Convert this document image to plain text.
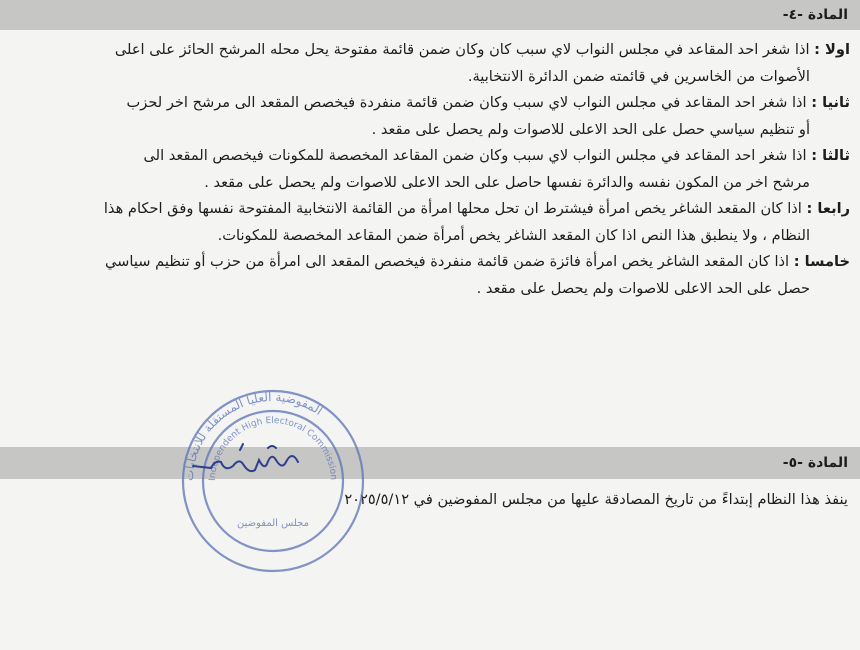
المادة -٤-

اولا : اذا شغر احد المقاعد في مجلس النواب لاي سبب كان وكان ضمن قائمة مفتوحة يحل محله المرشح الحائز على اعلى
الأصوات من الخاسرين في قائمته ضمن الدائرة الانتخابية.

ثانيا : اذا شغر احد المقاعد في مجلس النواب لاي سبب وكان ضمن قائمة منفردة فيخصص المقعد الى مرشح اخر لحزب
أو تنظيم سياسي حصل على الحد الاعلى للاصوات ولم يحصل على مقعد .

ثالثا : اذا شغر احد المقاعد في مجلس النواب لاي سبب وكان ضمن المقاعد المخصصة للمكونات فيخصص المقعد الى
مرشح اخر من المكون نفسه والدائرة نفسها حاصل على الحد الاعلى للاصوات ولم يحصل على مقعد .

رابعا : اذا كان المقعد الشاغر يخص امرأة فيشترط ان تحل محلها امرأة من القائمة الانتخابية المفتوحة نفسها وفق احكام هذا
النظام ، ولا ينطبق هذا النص اذا كان المقعد الشاغر يخص أمرأة ضمن المقاعد المخصصة للمكونات.

خامسا : اذا كان المقعد الشاغر يخص امرأة فائزة ضمن قائمة منفردة فيخصص المقعد الى امرأة من حزب أو تنظيم سياسي
حصل على الحد الاعلى للاصوات ولم يحصل على مقعد .

المادة -٥-
ينفذ هذا النظام إبتداءً من تاريخ المصادقة عليها من مجلس المفوضين في ٢٠٢٥/٥/١٢
المفوضية العليا المستقلة للانتخابات
Independent High Electoral Commission
مجلس المفوضين
